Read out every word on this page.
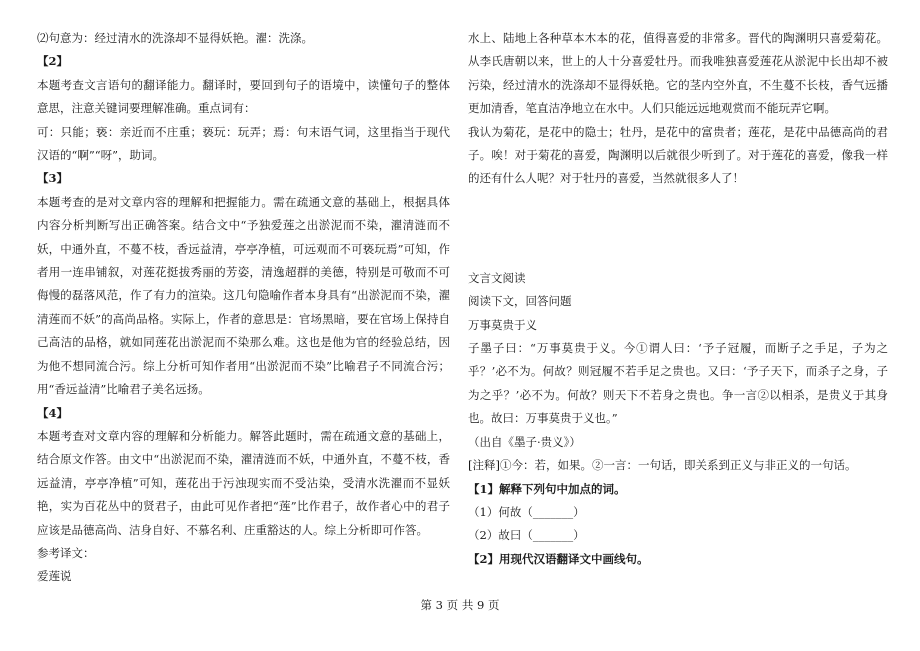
⑵句意为：经过清水的洗涤却不显得妖艳。濯：洗涤。

【2】

本题考查文言语句的翻译能力。翻译时，要回到句子的语境中，读懂句子的整体意思，注意关键词要理解准确。重点词有：

可：只能；亵：亲近而不庄重；亵玩：玩弄；焉：句末语气词，这里指当于现代汉语的“啊”“呀”，助词。

【3】

本题考查的是对文章内容的理解和把握能力。需在疏通文意的基础上，根据具体内容分析判断写出正确答案。结合文中“予独爱莲之出淤泥而不染，濯清涟而不妖，中通外直，不蔓不枝，香远益清，亭亭净植，可远观而不可亵玩焉”可知，作者用一连串铺叙，对莲花挺拔秀丽的芳姿，清逸超群的美德，特别是可敬而不可侮慢的磊落风范，作了有力的渲染。这几句隐喻作者本身具有“出淤泥而不染，濯清莲而不妖”的高尚品格。实际上，作者的意思是：官场黑暗，要在官场上保持自己高洁的品格，就如同莲花出淤泥而不染那么难。这也是他为官的经验总结，因为他不想同流合污。综上分析可知作者用“出淤泥而不染”比喻君子不同流合污；用“香远益清”比喻君子美名远扬。

【4】

本题考查对文章内容的理解和分析能力。解答此题时，需在疏通文意的基础上，结合原文作答。由文中“出淤泥而不染，濯清涟而不妖，中通外直，不蔓不枝，香远益清，亭亭净植”可知，莲花出于污浊现实而不受沾染，受清水洗濯而不显妖艳，实为百花丛中的贤君子，由此可见作者把“莲”比作君子，故作者心中的君子应该是品德高尚、洁身自好、不慕名利、庄重豁达的人。综上分析即可作答。

参考译文：

爱莲说

水上、陆地上各种草本木本的花，值得喜爱的非常多。晋代的陶渊明只喜爱菊花。从李氏唐朝以来，世上的人十分喜爱牡丹。而我唯独喜爱莲花从淤泥中长出却不被污染，经过清水的洗涤却不显得妖艳。它的茎内空外直，不生蔓不长枝，香气远播更加清香，笔直洁净地立在水中。人们只能远远地观赏而不能玩弄它啊。

我认为菊花，是花中的隐士；牡丹，是花中的富贵者；莲花，是花中品德高尚的君子。唉！对于菊花的喜爱，陶渊明以后就很少听到了。对于莲花的喜爱，像我一样的还有什么人呢？对于牡丹的喜爱，当然就很多人了！

文言文阅读

阅读下文，回答问题

万事莫贵于义

子墨子曰：“万事莫贵于义。今①谓人曰：‘予子冠履，而断子之手足，子为之乎？’必不为。何故？则冠履不若手足之贵也。又曰：‘予子天下，而杀子之身，子为之乎？’必不为。何故？则天下不若身之贵也。争一言②以相杀，是贵义于其身也。故曰：万事莫贵于义也。”

（出自《墨子·贵义》）

[注释]①今：若，如果。②一言：一句话，即关系到正义与非正义的一句话。

【1】解释下列句中加点的词。

（1）何故（_______）

（2）故曰（_______）

【2】用现代汉语翻译文中画线句。

第 3 页 共 9 页
